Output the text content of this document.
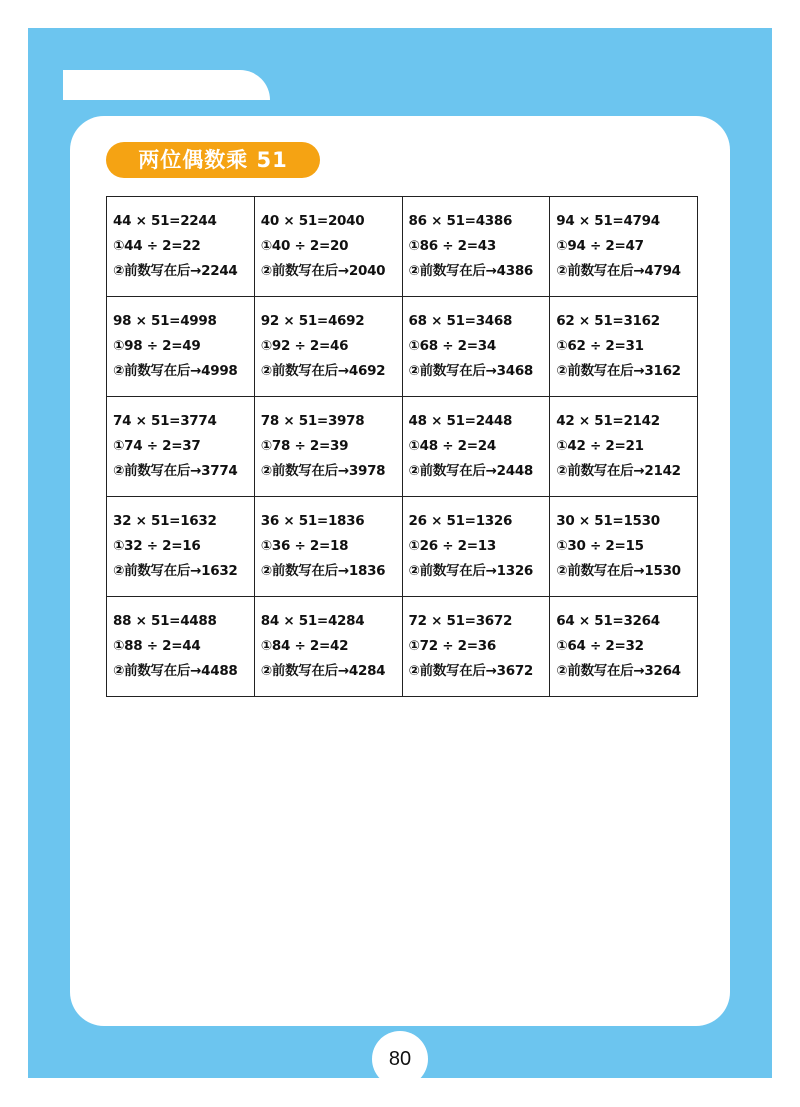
两位偶数乘 51
44 × 51=2244
①44 ÷ 2=22
②前数写在后→2244	40 × 51=2040
①40 ÷ 2=20
②前数写在后→2040	86 × 51=4386
①86 ÷ 2=43
②前数写在后→4386	94 × 51=4794
①94 ÷ 2=47
②前数写在后→4794

98 × 51=4998
①98 ÷ 2=49
②前数写在后→4998	92 × 51=4692
①92 ÷ 2=46
②前数写在后→4692	68 × 51=3468
①68 ÷ 2=34
②前数写在后→3468	62 × 51=3162
①62 ÷ 2=31
②前数写在后→3162

74 × 51=3774
①74 ÷ 2=37
②前数写在后→3774	78 × 51=3978
①78 ÷ 2=39
②前数写在后→3978	48 × 51=2448
①48 ÷ 2=24
②前数写在后→2448	42 × 51=2142
①42 ÷ 2=21
②前数写在后→2142

32 × 51=1632
①32 ÷ 2=16
②前数写在后→1632	36 × 51=1836
①36 ÷ 2=18
②前数写在后→1836	26 × 51=1326
①26 ÷ 2=13
②前数写在后→1326	30 × 51=1530
①30 ÷ 2=15
②前数写在后→1530

88 × 51=4488
①88 ÷ 2=44
②前数写在后→4488	84 × 51=4284
①84 ÷ 2=42
②前数写在后→4284	72 × 51=3672
①72 ÷ 2=36
②前数写在后→3672	64 × 51=3264
①64 ÷ 2=32
②前数写在后→3264
80
